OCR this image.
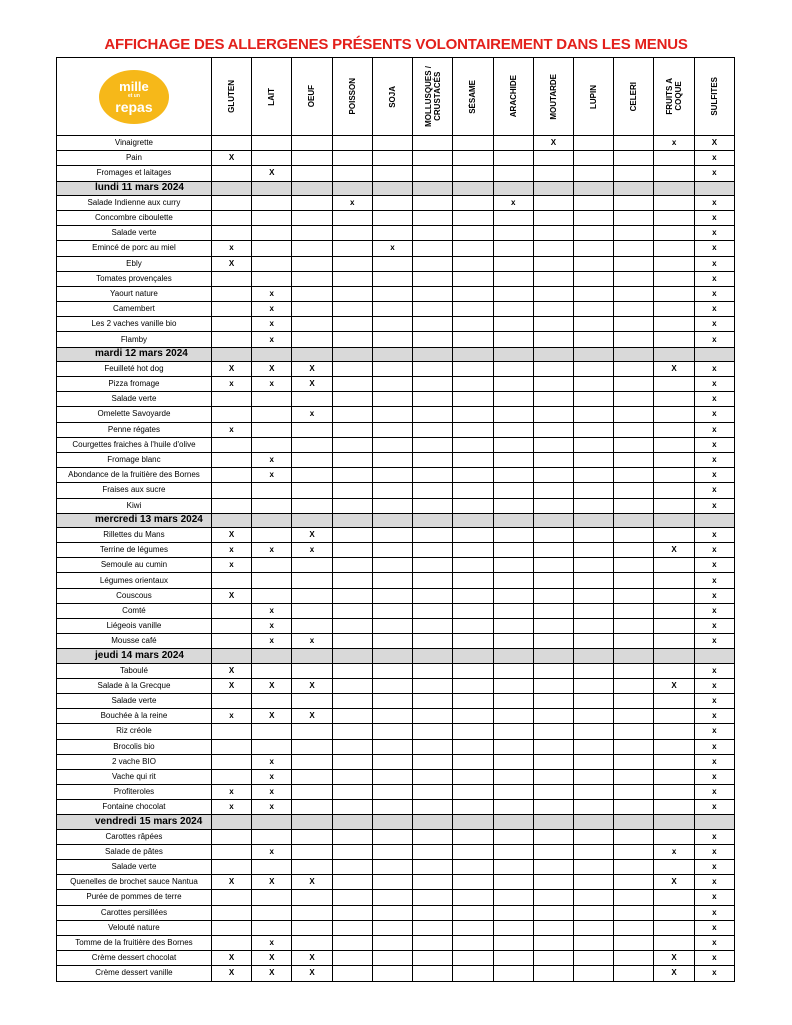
AFFICHAGE DES ALLERGENES PRÉSENTS VOLONTAIREMENT DANS LES MENUS
mille
et un
repas	GLUTEN	LAIT	OEUF	POISSON	SOJA	MOLLUSQUES /
CRUSTACÉS	SÉSAME	ARACHIDE	MOUTARDE	LUPIN	CELERI	FRUITS A
COQUE	SULFITES

Vinaigrette									X			x	X
Pain	X												x
Fromages et laitages		X											x
lundi 11 mars 2024													
Salade Indienne aux curry				x				x					x
Concombre ciboulette													x
Salade verte													x
Emincé de porc au miel	x				x								x
Ebly	X												x
Tomates provençales													x
Yaourt nature		x											x
Camembert		x											x
Les 2 vaches vanille bio		x											x
Flamby		x											x
mardi 12 mars 2024													
Feuilleté hot dog	X	X	X									X	x
Pizza fromage	x	x	X										x
Salade verte													x
Omelette Savoyarde			x										x
Penne régates	x												x
Courgettes fraiches à l'huile d'olive													x
Fromage blanc		x											x
Abondance de la fruitière des Bornes		x											x
Fraises aux sucre													x
Kiwi													x
mercredi 13 mars 2024													
Rillettes du Mans	X		X										x
Terrine de légumes	x	x	x									X	x
Semoule au cumin	x												x
Légumes orientaux													x
Couscous	X												x
Comté		x											x
Liégeois vanille		x											x
Mousse café		x	x										x
jeudi 14 mars 2024													
Taboulé	X												x
Salade à la Grecque	X	X	X									X	x
Salade verte													x
Bouchée à la reine	x	X	X										x
Riz créole													x
Brocolis bio													x
2 vache BIO		x											x
Vache qui rit		x											x
Profiteroles	x	x											x
Fontaine chocolat	x	x											x
vendredi 15 mars 2024													
Carottes râpées													x
Salade de pâtes		x										x	x
Salade verte													x
Quenelles de brochet sauce Nantua	X	X	X									X	x
Purée de pommes de terre													x
Carottes persillées													x
Velouté nature													x
Tomme de la fruitière des Bornes		x											x
Crème dessert chocolat	X	X	X									X	x
Crème dessert vanille	X	X	X									X	x
